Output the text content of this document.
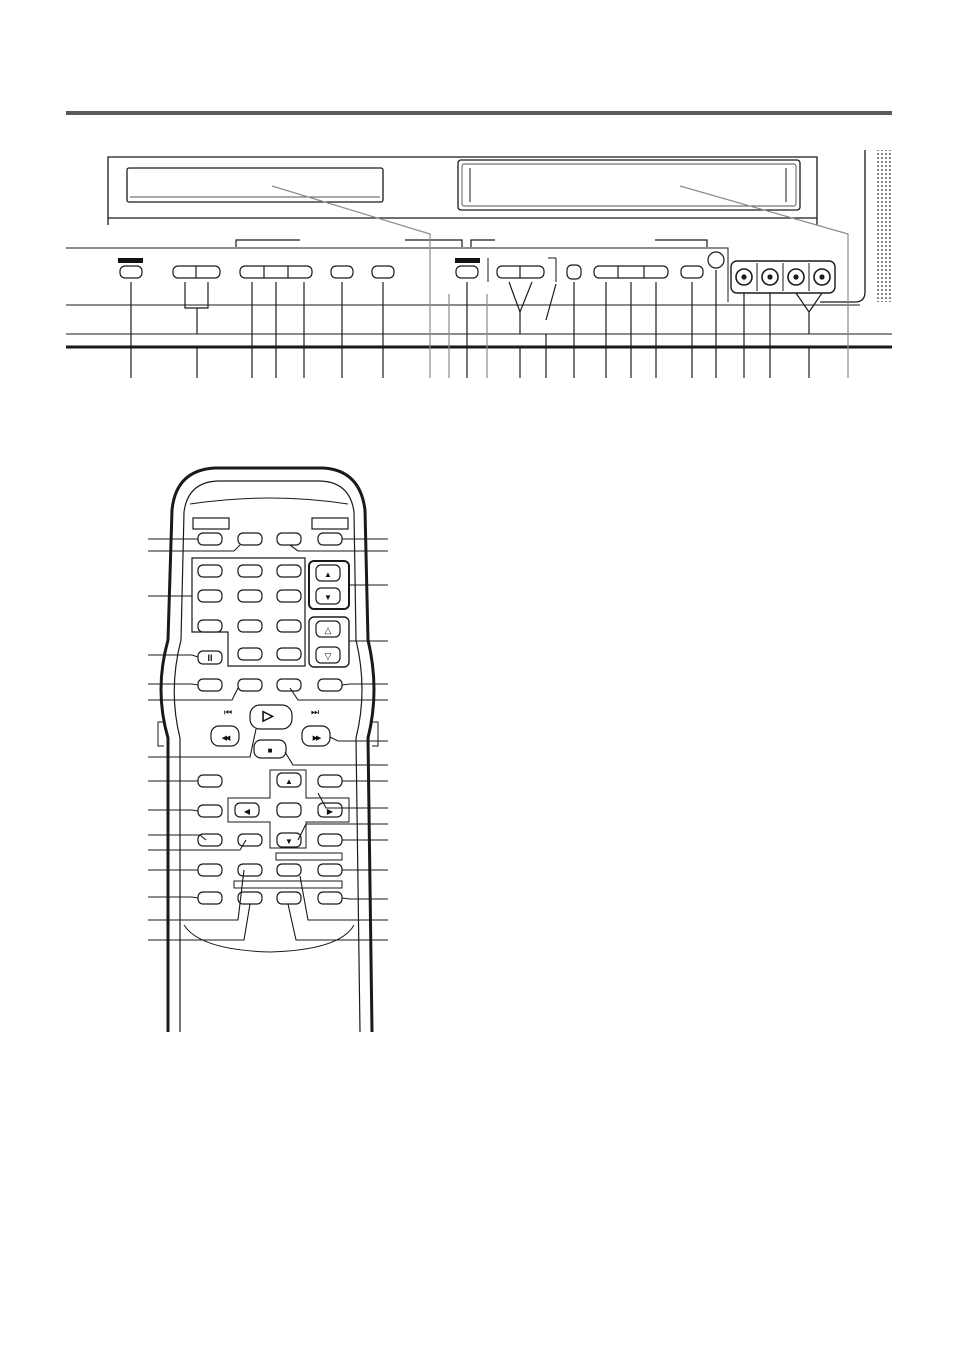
II
⏮	⏭
◀◀	▶▶
▷
■
▲
▼
△
▽
▲
◀	▶
▼
